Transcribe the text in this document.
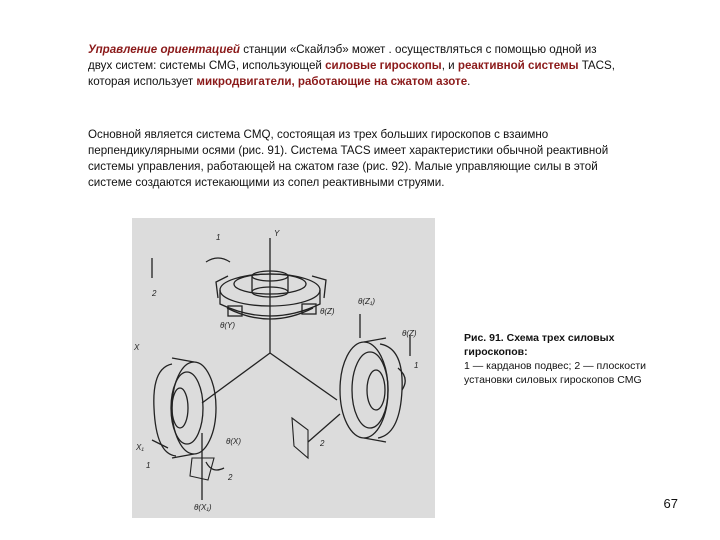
Управление ориентацией станции «Скайлэб» может . осуществляться с помощью одной из двух систем: системы CMG, использующей силовые гироскопы, и реактивной системы TACS, которая использует микродвигатели, работающие на сжатом азоте.
Основной является система CMQ, состоящая из трех больших гироскопов с взаимно перпендикулярными осями (рис. 91). Система TACS имеет характеристики обычной реактивной системы управления, работающей на сжатом газе (рис. 92). Малые управляющие силы в этой системе создаются истекающими из сопел реактивными струями.
Y
1
θ(Y)
2
X
X₁
θ(X)
θ(X₁)
1
2
2
θ(Z)
1
θ(Z)
θ(Z₁)
Рис. 91. Схема трех силовых гироскопов:
1 — карданов подвес; 2 — плоскости установки силовых гироскопов CMG
67
